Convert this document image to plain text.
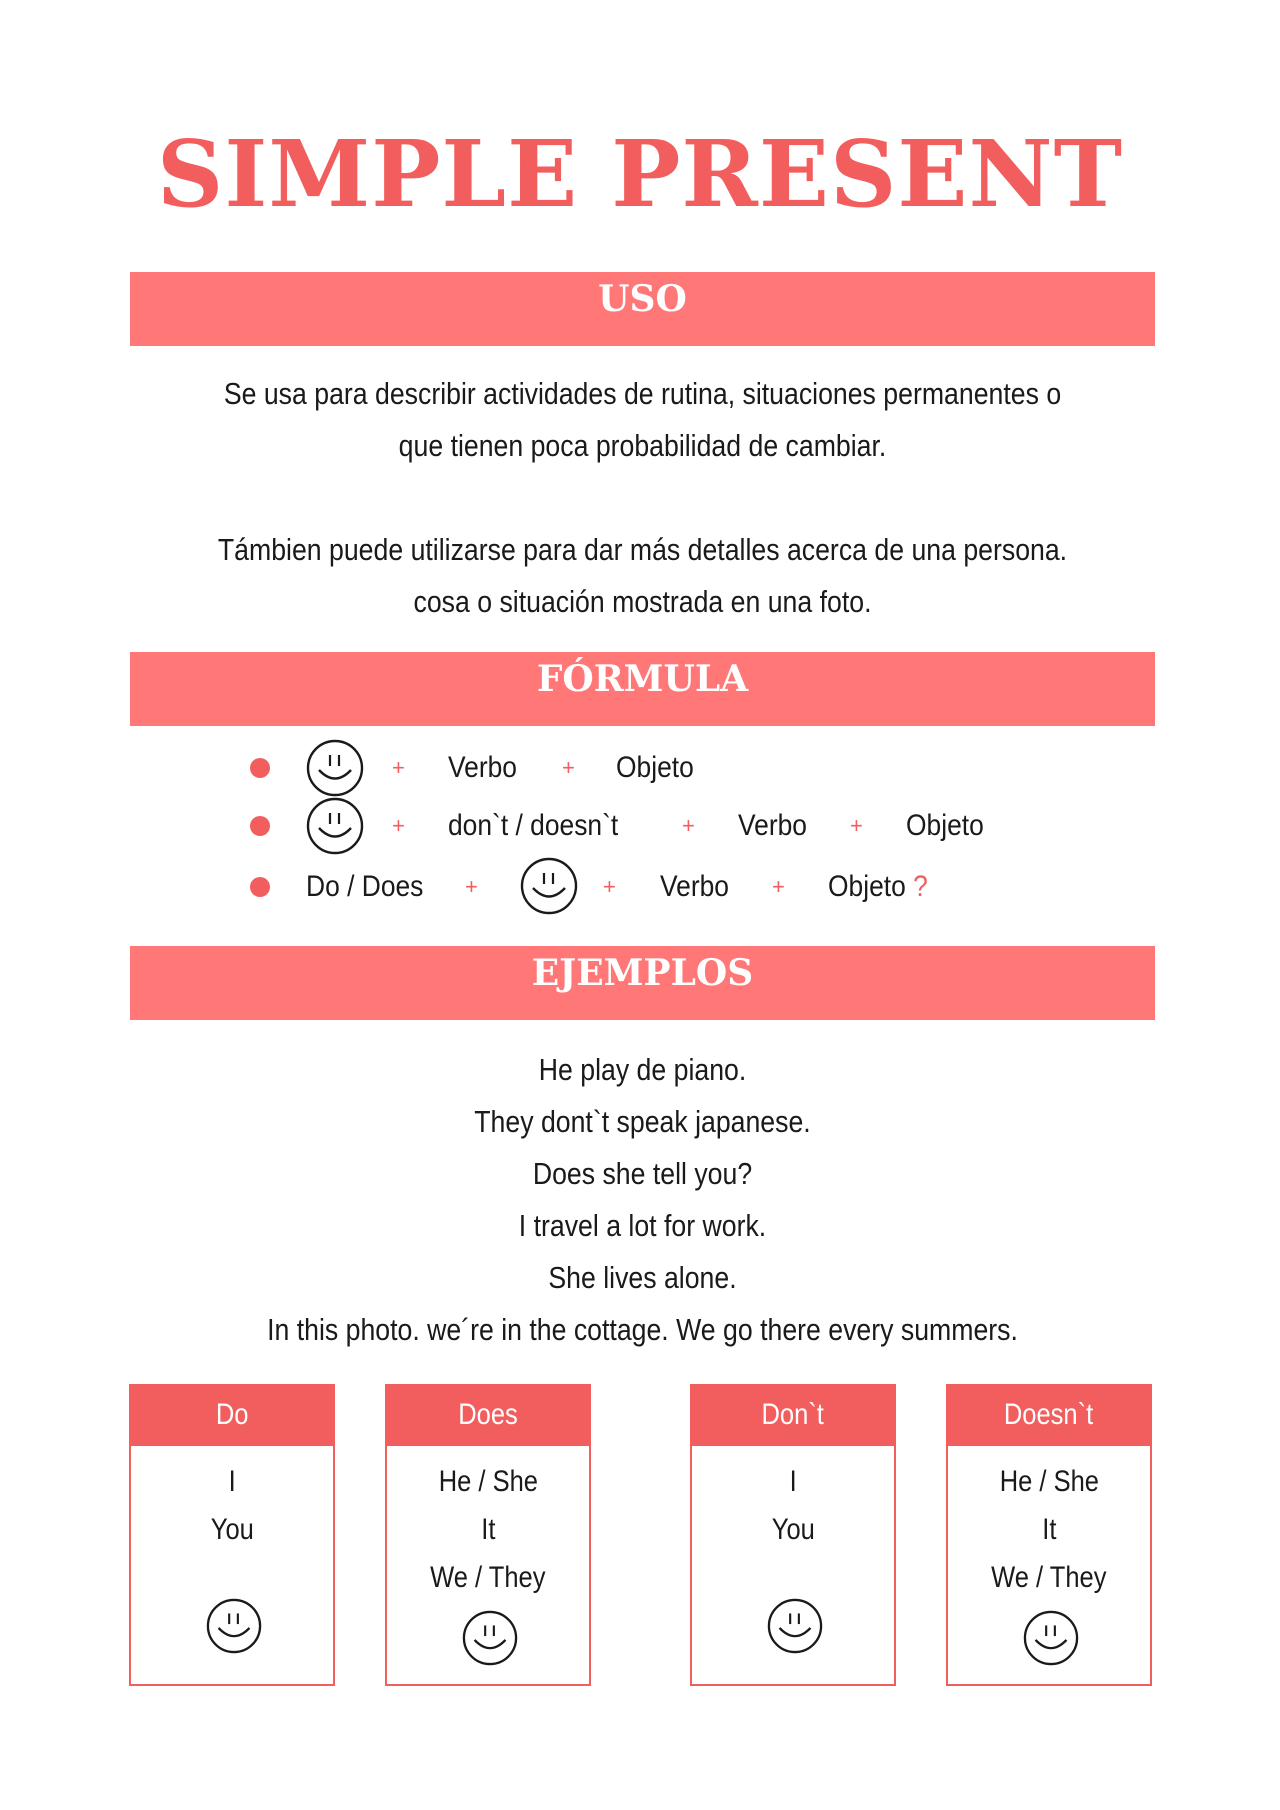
SIMPLE PRESENT
USO
Se usa para describir actividades de rutina, situaciones permanentes o que tienen poca probabilidad de cambiar.
Támbien puede utilizarse para dar más detalles acerca de una persona. cosa o situación mostrada en una foto.
FÓRMULA
+ Verbo + Objeto
+ don`t / doesn`t	+ Verbo + Objeto
Do / Does +	+ Verbo + Objeto ?
EJEMPLOS
He play de piano.
They dont`t speak japanese.
Does she tell you?
I travel a lot for work.
She lives alone.
In this photo. we´re in the cottage. We go there every summers.
Do
I
You
Does
He / She
It
We / They
Don`t
I
You
Doesn`t
He / She
It
We / They
